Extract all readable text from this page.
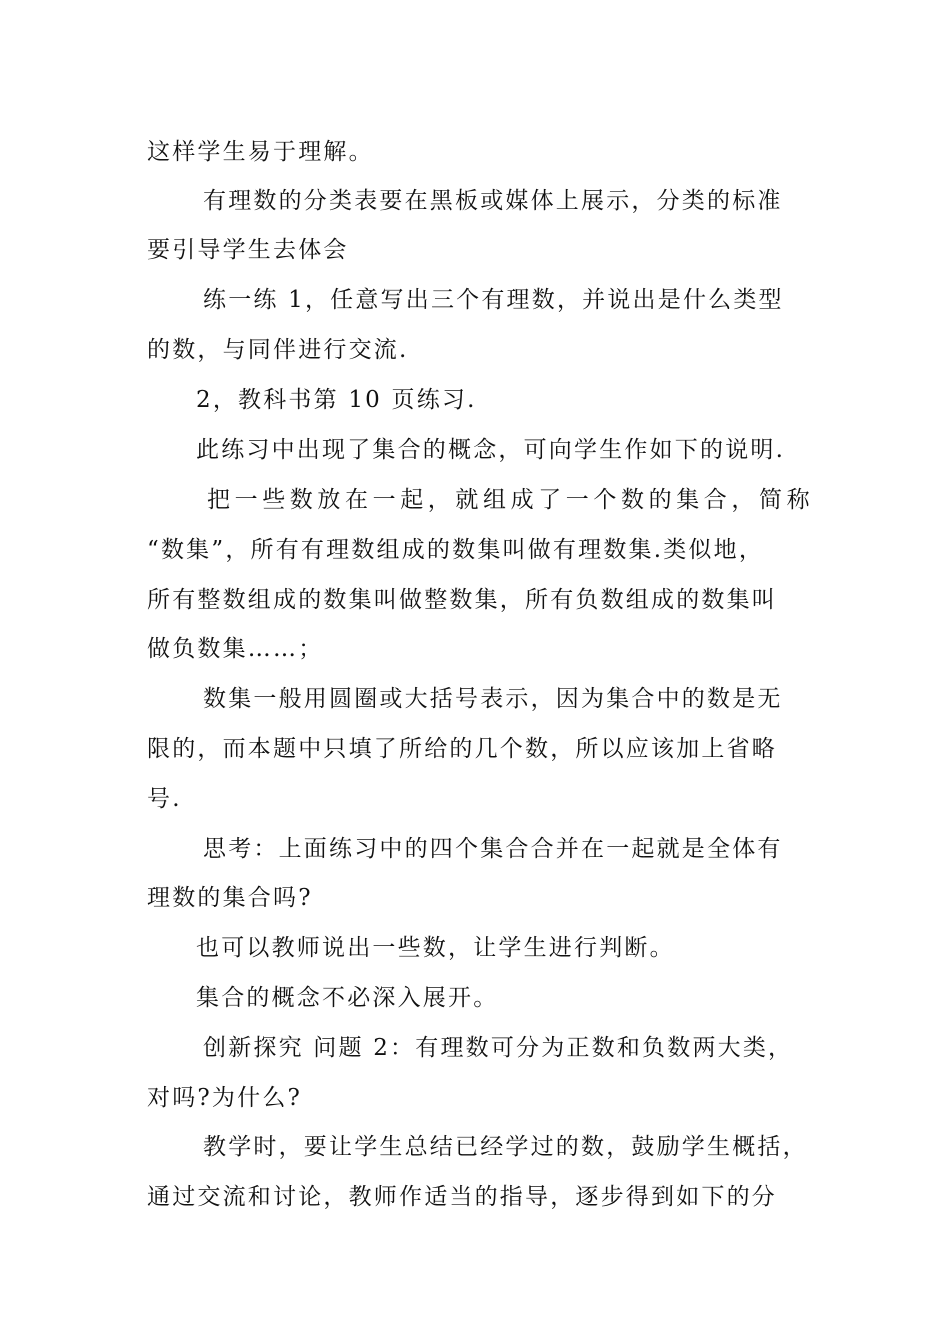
这样学生易于理解。
有理数的分类表要在黑板或媒体上展示，分类的标准
要引导学生去体会
练一练 1，任意写出三个有理数，并说出是什么类型
的数，与同伴进行交流.
2，教科书第 10 页练习.
此练习中出现了集合的概念，可向学生作如下的说明.
把一些数放在一起，就组成了一个数的集合，简称
“数集”，所有有理数组成的数集叫做有理数集.类似地，
所有整数组成的数集叫做整数集，所有负数组成的数集叫
做负数集……；
数集一般用圆圈或大括号表示，因为集合中的数是无
限的，而本题中只填了所给的几个数，所以应该加上省略
号.
思考：上面练习中的四个集合合并在一起就是全体有
理数的集合吗?
也可以教师说出一些数，让学生进行判断。
集合的概念不必深入展开。
创新探究 问题 2：有理数可分为正数和负数两大类，
对吗?为什么?
教学时，要让学生总结已经学过的数，鼓励学生概括，
通过交流和讨论，教师作适当的指导，逐步得到如下的分
